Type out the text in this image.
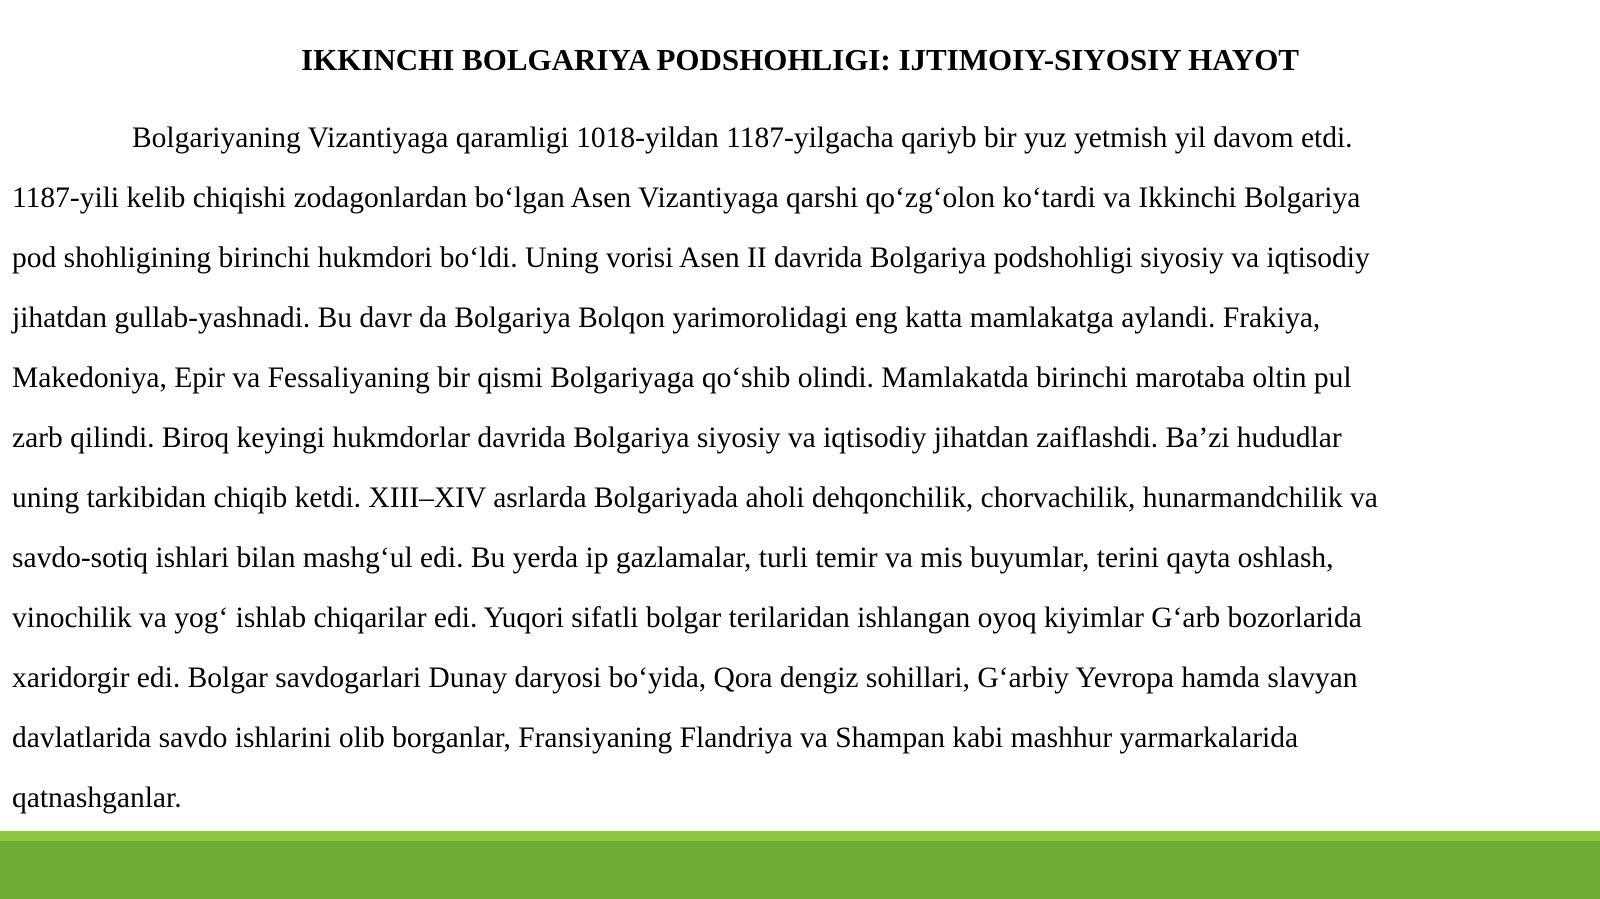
IKKINCHI BOLGARIYA PODSHOHLIGI: IJTIMOIY-SIYOSIY HAYOT
Bolgariyaning Vizantiyaga qaramligi 1018-yildan 1187-yilgacha qariyb bir yuz yetmish yil davom etdi.
1187-yili kelib chiqishi zodagonlardan bo‘lgan Asen Vizantiyaga qarshi qo‘zg‘olon ko‘tardi va Ikkinchi Bolgariya
pod shohligining birinchi hukmdori bo‘ldi. Uning vorisi Asen II davrida Bolgariya podshohligi siyosiy va iqtisodiy
jihatdan gullab-yashnadi. Bu davr da Bolgariya Bolqon yarimorolidagi eng katta mamlakatga aylandi. Frakiya,
Makedoniya, Epir va Fessaliyaning bir qismi Bolgariyaga qo‘shib olindi. Mamlakatda birinchi marotaba oltin pul
zarb qilindi. Biroq keyingi hukmdorlar davrida Bolgariya siyosiy va iqtisodiy jihatdan zaiflashdi. Ba’zi hududlar
uning tarkibidan chiqib ketdi. XIII–XIV asrlarda Bolgariyada aholi dehqonchilik, chorvachilik, hunarmandchilik va
savdo-sotiq ishlari bilan mashg‘ul edi. Bu yerda ip gazlamalar, turli temir va mis buyumlar, terini qayta oshlash,
vinochilik va yog‘ ishlab chiqarilar edi. Yuqori sifatli bolgar terilaridan ishlangan oyoq kiyimlar G‘arb bozorlarida
xaridorgir edi. Bolgar savdogarlari Dunay daryosi bo‘yida, Qora dengiz sohillari, G‘arbiy Yevropa hamda slavyan
davlatlarida savdo ishlarini olib borganlar, Fransiyaning Flandriya va Shampan kabi mashhur yarmarkalarida
qatnashganlar.
